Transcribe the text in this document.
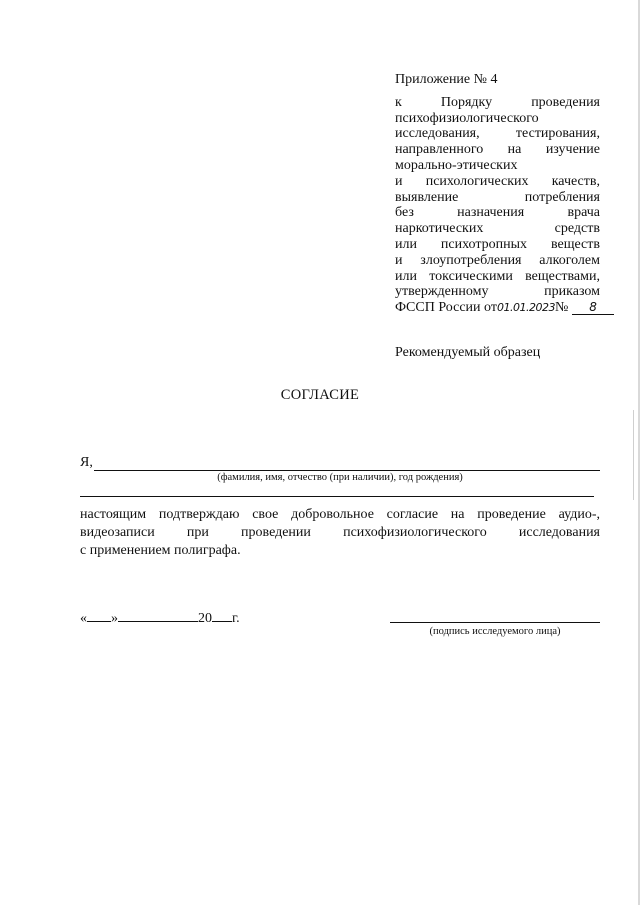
Приложение № 4
к Порядку проведения
психофизиологического
исследования, тестирования,
направленного на изучение
морально-этических
и психологических качеств,
выявление потребления
без назначения врача
наркотических средств
или психотропных веществ
и злоупотребления алкоголем
или токсическими веществами,
утвержденному приказом
ФССП России от01.01.2023№ 8
Рекомендуемый образец
СОГЛАСИЕ
Я,
(фамилия, имя, отчество (при наличии), год рождения)
настоящим подтверждаю свое добровольное согласие на проведение аудио-,
видеозаписи при проведении психофизиологического исследования
с применением полиграфа.
« »	20 г.
(подпись исследуемого лица)
